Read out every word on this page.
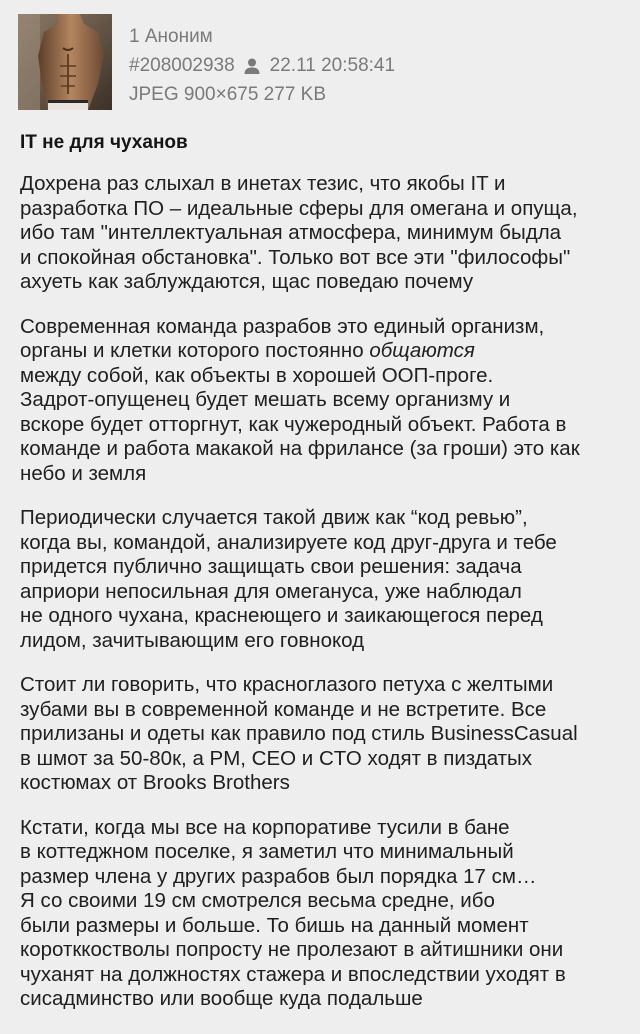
1 Аноним
#208002938 22.11 20:58:41
JPEG 900×675 277 KB
IT не для чуханов

Дохрена раз слыхал в инетах тезис, что якобы IT и
разработка ПО – идеальные сферы для омегана и опуща,
ибо там "интеллектуальная атмосфера, минимум быдла
и спокойная обстановка". Только вот все эти "философы"
ахуеть как заблуждаются, щас поведаю почему

Современная команда разрабов это единый организм,
органы и клетки которого постоянно общаются
между собой, как объекты в хорошей ООП-проге.
Задрот-опущенец будет мешать всему организму и
вскоре будет отторгнут, как чужеродный объект. Работа в
команде и работа макакой на фрилансе (за гроши) это как
небо и земля

Периодически случается такой движ как “код ревью”,
когда вы, командой, анализируете код друг-друга и тебе
придется публично защищать свои решения: задача
априори непосильная для омегануса, уже наблюдал
не одного чухана, краснеющего и заикающегося перед
лидом, зачитывающим его говнокод

Стоит ли говорить, что красноглазого петуха с желтыми
зубами вы в современной команде и не встретите. Все
прилизаны и одеты как правило под стиль BusinessCasual
в шмот за 50-80к, а PM, CEO и CTO ходят в пиздатых
костюмах от Brooks Brothers

Кстати, когда мы все на корпоративе тусили в бане
в коттеджном поселке, я заметил что минимальный
размер члена у других разрабов был порядка 17 см…
Я со своими 19 см смотрелся весьма средне, ибо
были размеры и больше. То бишь на данный момент
коротккостволы попросту не пролезают в айтишники они
чуханят на должностях стажера и впоследствии уходят в
сисадминство или вообще куда подальше
